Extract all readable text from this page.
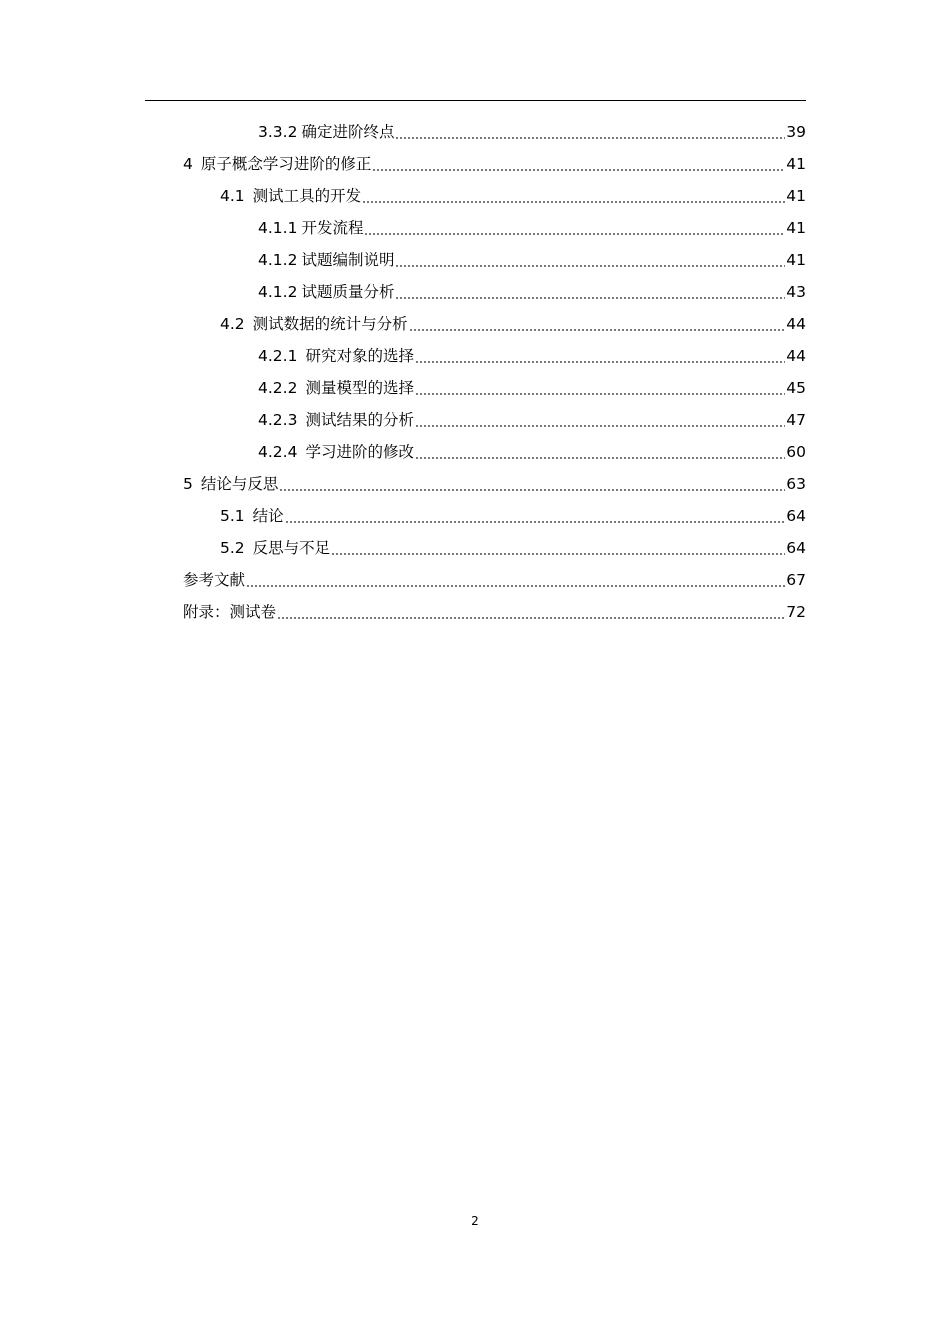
3.3.2 确定进阶终点	39
4 原子概念学习进阶的修正	41
4.1 测试工具的开发	41
4.1.1 开发流程	41
4.1.2 试题编制说明	41
4.1.2 试题质量分析	43
4.2 测试数据的统计与分析	44
4.2.1 研究对象的选择	44
4.2.2 测量模型的选择	45
4.2.3 测试结果的分析	47
4.2.4 学习进阶的修改	60
5 结论与反思	63
5.1 结论	64
5.2 反思与不足	64
参考文献	67
附录：测试卷	72
2
